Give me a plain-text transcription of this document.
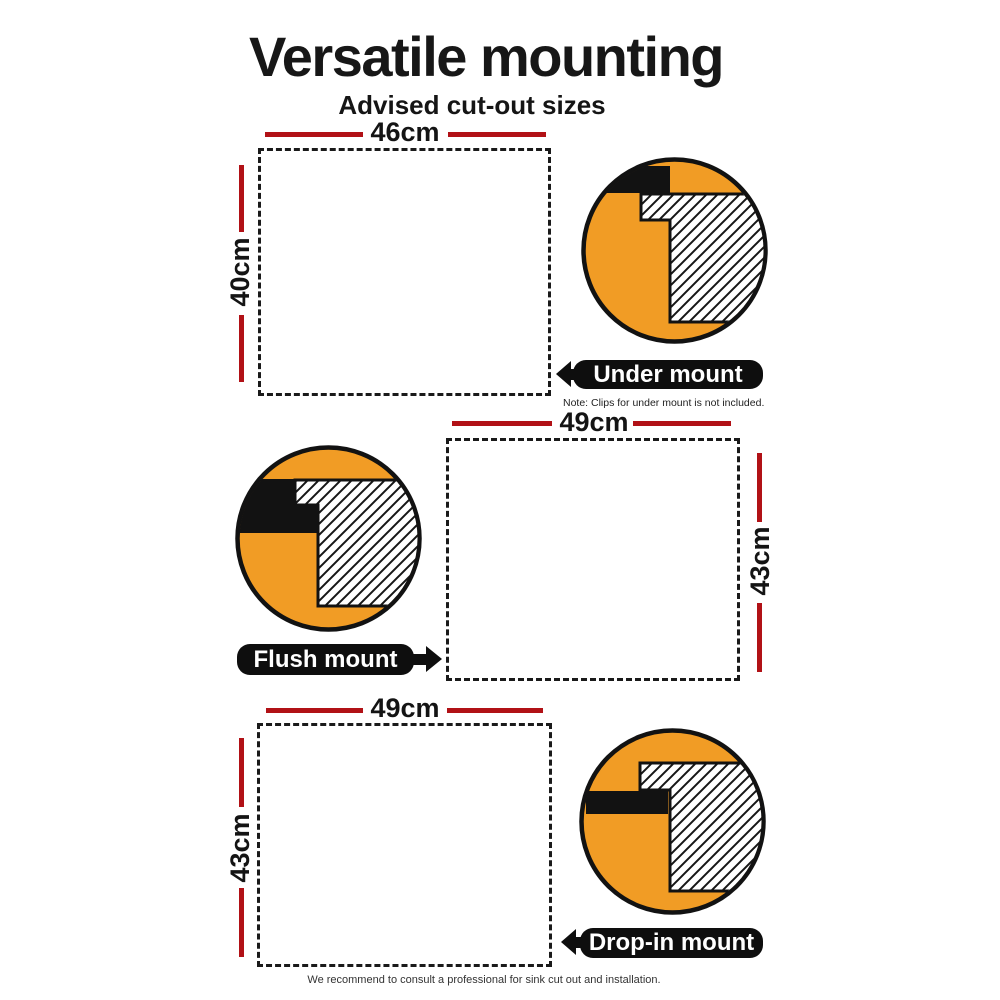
Versatile mounting
Advised cut-out sizes
46cm
40cm
Under mount
Note: Clips for under mount is not included.
Flush mount
49cm
43cm
49cm
43cm
Drop-in mount
We recommend to consult a professional for sink cut out and installation.
